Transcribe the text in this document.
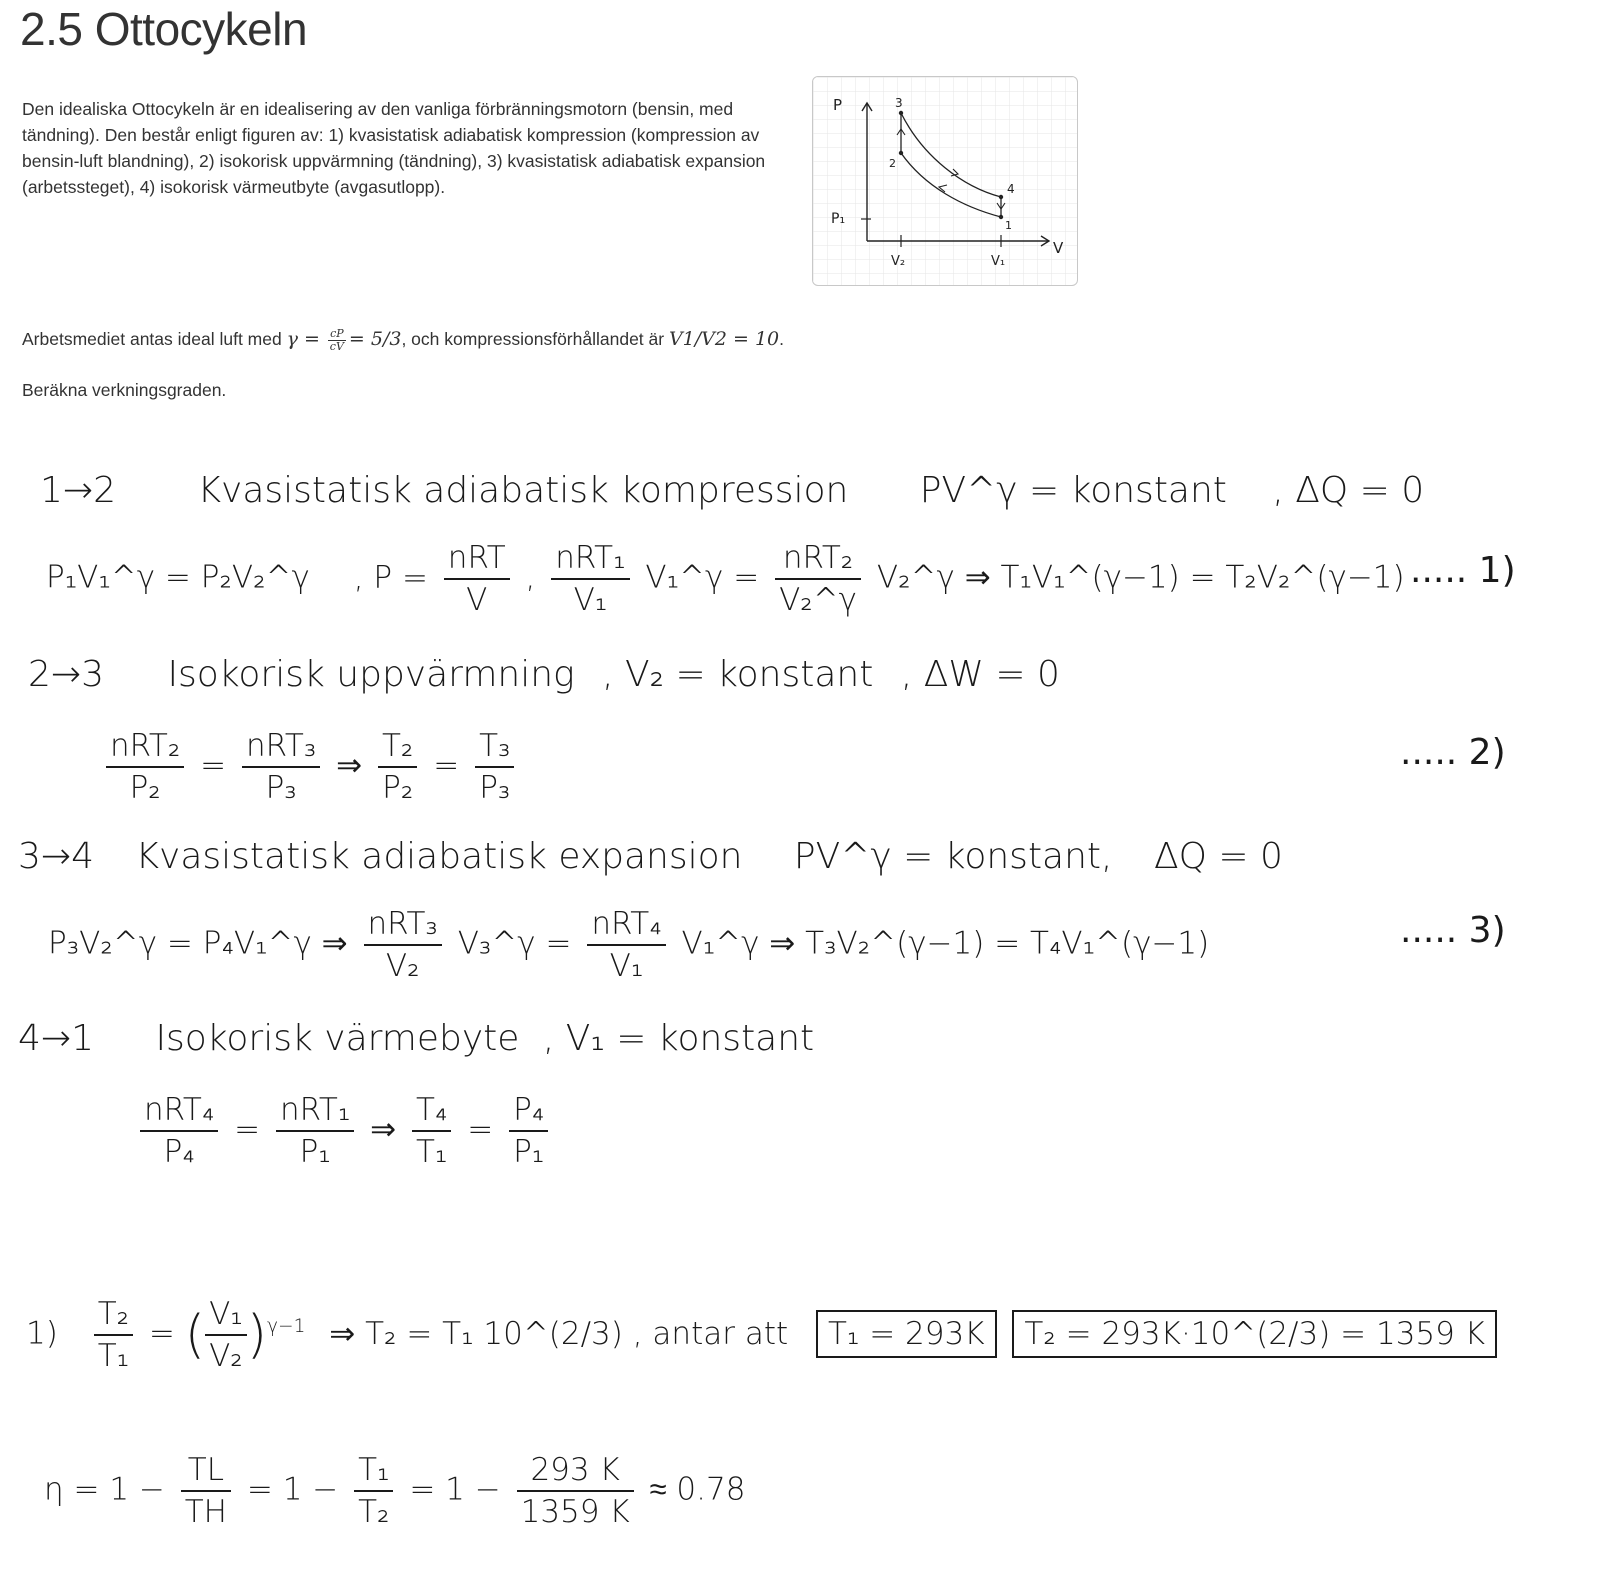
2.5 Ottocykeln

Den idealiska Ottocykeln är en idealisering av den vanliga förbränningsmotorn (bensin, med tändning). Den består enligt figuren av: 1) kvasistatisk adiabatisk kompression (kompression av bensin-luft blandning), 2) isokorisk uppvärmning (tändning), 3) kvasistatisk adiabatisk expansion (arbetssteget), 4) isokorisk värmeutbyte (avgasutlopp).

P
V
P₁
V₂	V₁
3
2
4
1

Arbetsmediet antas ideal luft med $\gamma = \frac{cP}{cV} = 5/3$, och kompressionsförhållandet är V1/V2 = 10.

Beräkna verkningsgraden.

1→2 Kvasistatisk adiabatisk kompression PV^γ = konstant , ΔQ = 0
P₁V₁^γ = P₂V₂^γ , P =
nRT
V
,
nRT₁
V₁
V₁^γ =
nRT₂
V₂^γ
V₂^γ ⇒ T₁V₁^(γ−1) = T₂V₂^(γ−1) ..... 1)
2→3 Isokorisk uppvärmning , V₂ = konstant , ΔW = 0
nRT₂
P₂
=
nRT₃
P₃
⇒ $\frac{\text{T₂}}{\text{P₂}} = \frac{\text{T₃}}{\text{P₃}}$	..... 2)
3→4 Kvasistatisk adiabatisk expansion PV^γ = konstant, ΔQ = 0
P₃V₂^γ = P₄V₁^γ ⇒
nRT₃
V₂
V₃^γ =
nRT₄
V₁
V₁^γ ⇒ T₃V₂^(γ−1) = T₄V₁^(γ−1)	..... 3)
4→1 Isokorisk värmebyte , V₁ = konstant
nRT₄
P₄
=
nRT₁
P₁
⇒ $\frac{\text{T₄}}{\text{T₁}} = \frac{\text{P₄}}{\text{P₁}}$
$1) \frac{\text{T₂}}{\text{T₁}}$ = ( $\frac{\text{V₁}}{\text{V₂}} )^{\gamma-1}$ ⇒ T₂ = T₁ 10^(2/3) , antar att T₁ = 293K T₂ = 293K·10^(2/3) = 1359 K
$\eta = 1 - \frac{TL}{TH} = 1 - \frac{\text{T₁}}{\text{T₂}} = 1 - \frac{293 K}{1359 K} \approx 0.78$
